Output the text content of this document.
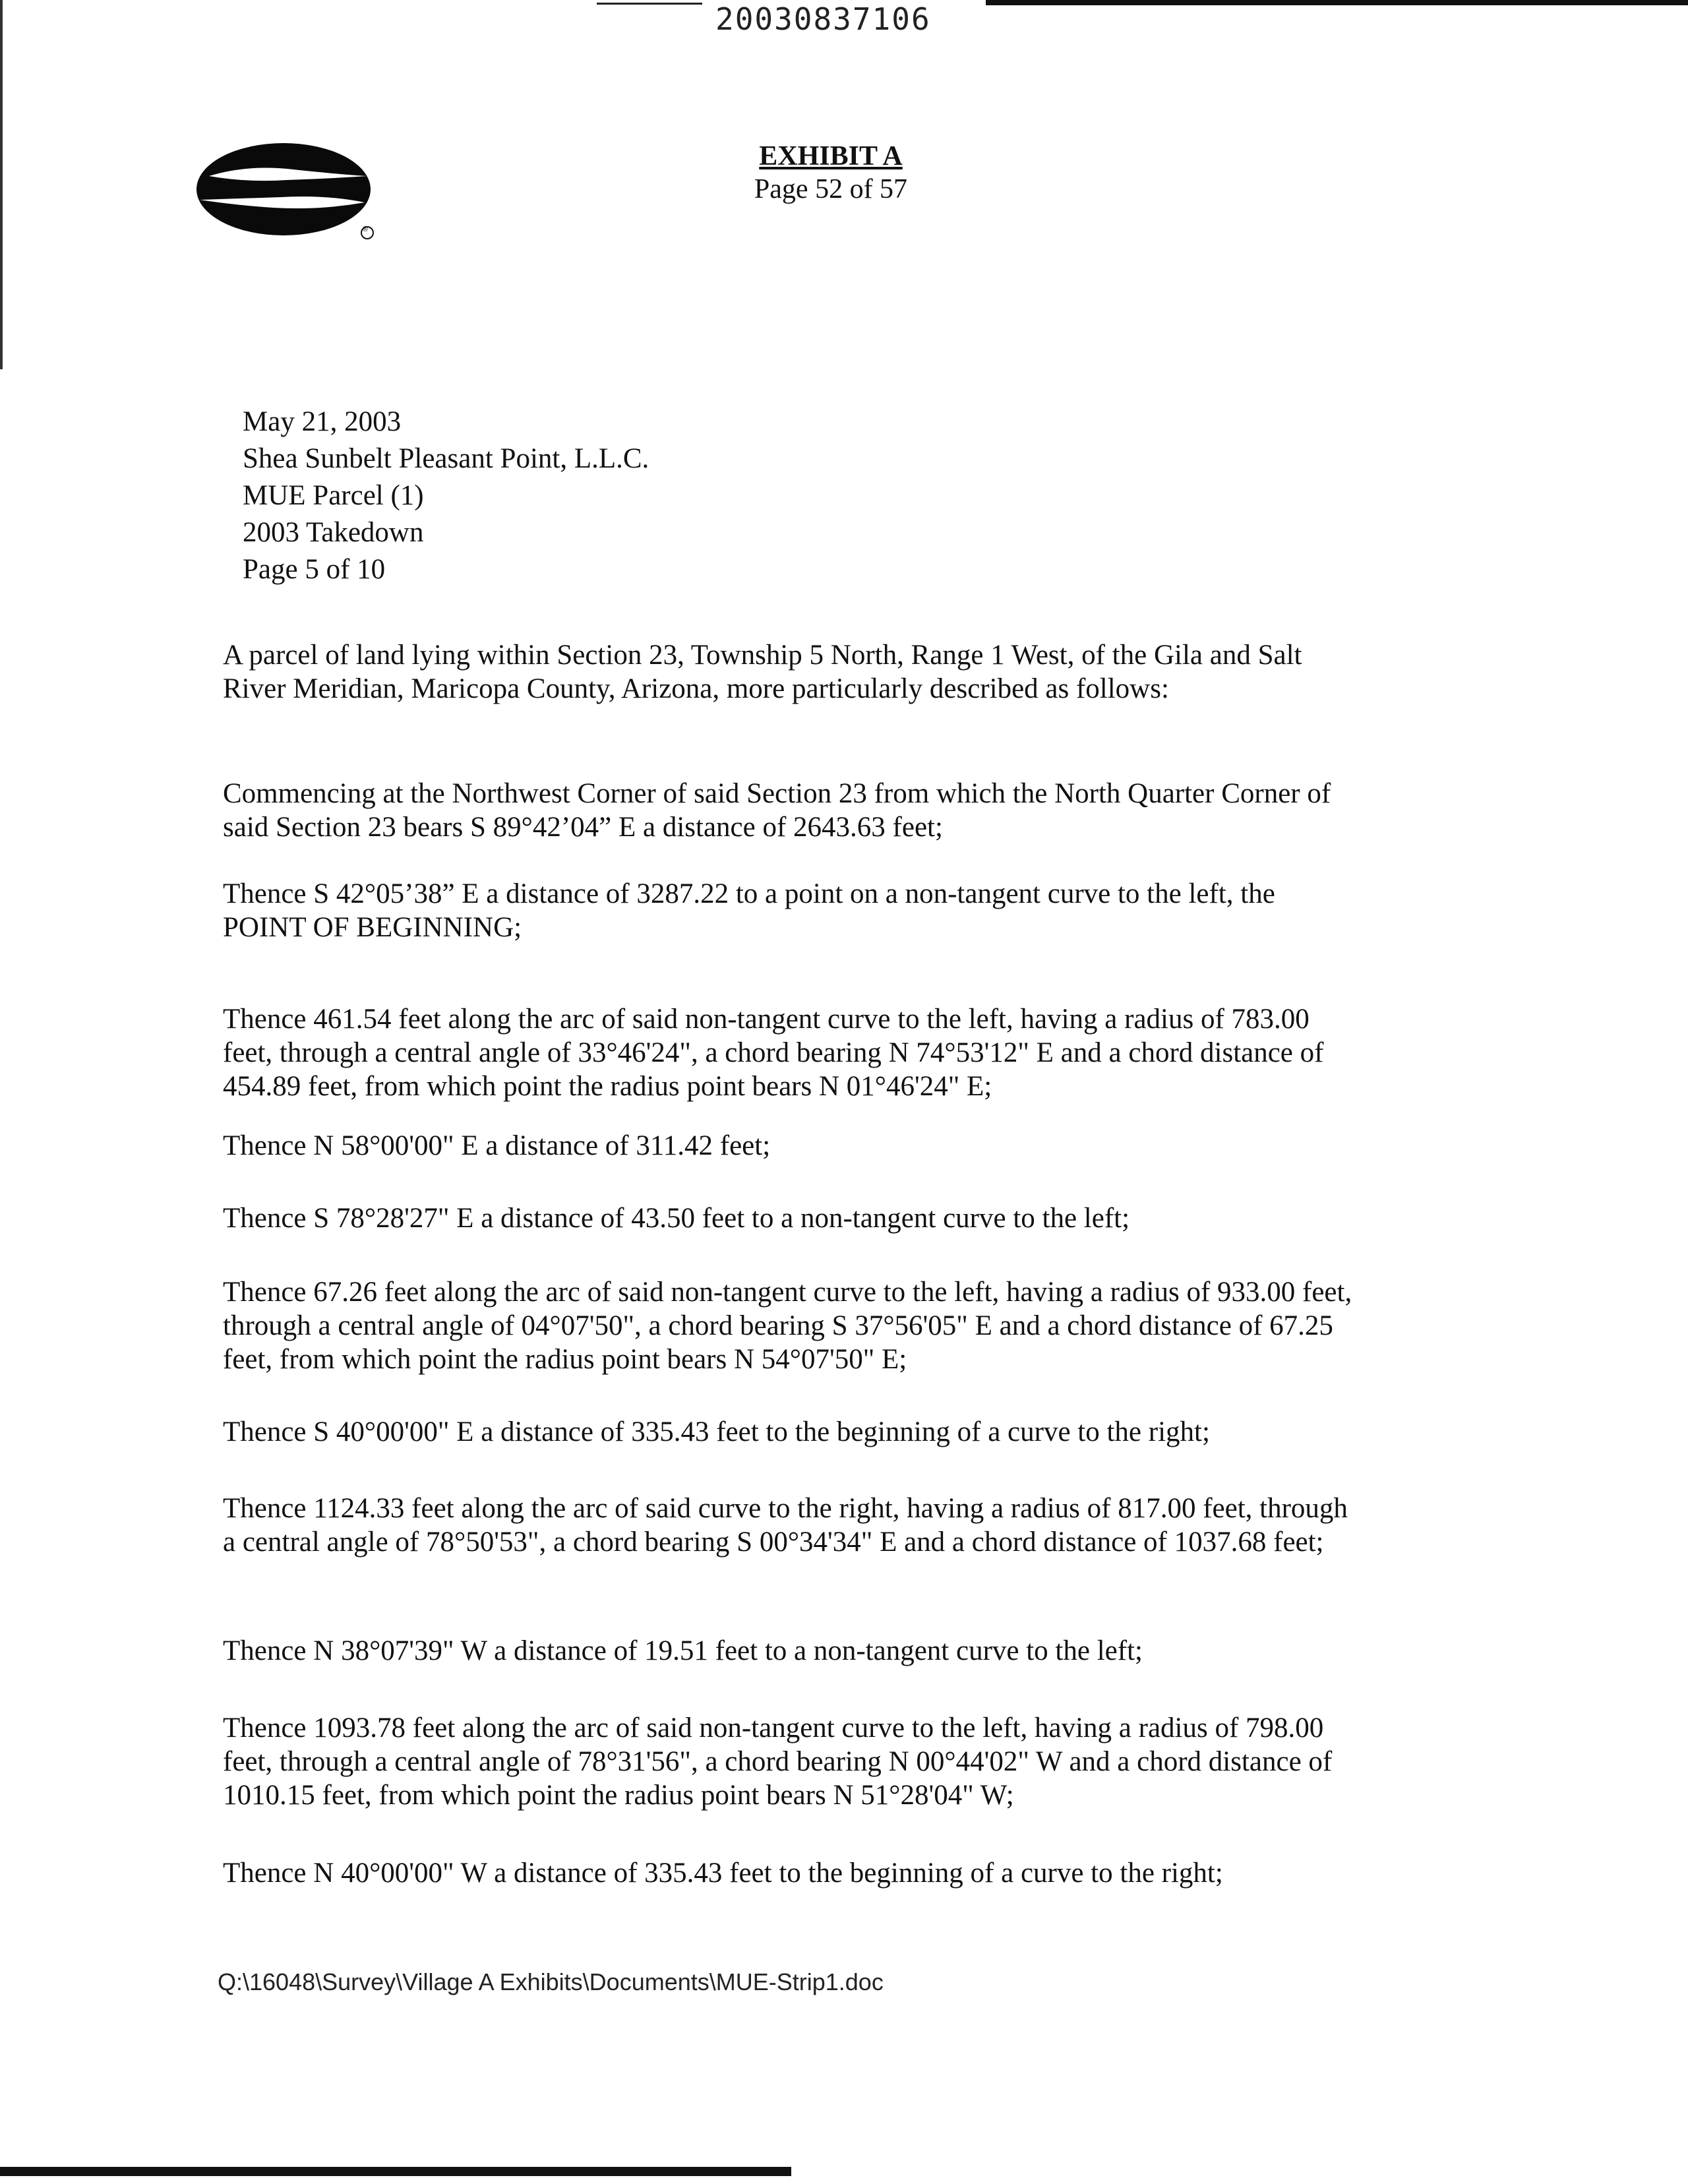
20030837106
®
EXHIBIT A
Page 52 of 57
May 21, 2003
Shea Sunbelt Pleasant Point, L.L.C.
MUE Parcel (1)
2003 Takedown
Page 5 of 10

A parcel of land lying within Section 23, Township 5 North, Range 1 West, of the Gila and Salt River Meridian, Maricopa County, Arizona, more particularly described as follows:

Commencing at the Northwest Corner of said Section 23 from which the North Quarter Corner of said Section 23 bears S 89°42’04” E a distance of 2643.63 feet;

Thence S 42°05’38” E a distance of 3287.22 to a point on a non-tangent curve to the left, the POINT OF BEGINNING;

Thence 461.54 feet along the arc of said non-tangent curve to the left, having a radius of 783.00 feet, through a central angle of 33°46'24", a chord bearing N 74°53'12" E and a chord distance of 454.89 feet, from which point the radius point bears N 01°46'24" E;

Thence N 58°00'00" E a distance of 311.42 feet;

Thence S 78°28'27" E a distance of 43.50 feet to a non-tangent curve to the left;

Thence 67.26 feet along the arc of said non-tangent curve to the left, having a radius of 933.00 feet, through a central angle of 04°07'50", a chord bearing S 37°56'05" E and a chord distance of 67.25 feet, from which point the radius point bears N 54°07'50" E;

Thence S 40°00'00" E a distance of 335.43 feet to the beginning of a curve to the right;

Thence 1124.33 feet along the arc of said curve to the right, having a radius of 817.00 feet, through a central angle of 78°50'53", a chord bearing S 00°34'34" E and a chord distance of 1037.68 feet;

Thence N 38°07'39" W a distance of 19.51 feet to a non-tangent curve to the left;

Thence 1093.78 feet along the arc of said non-tangent curve to the left, having a radius of 798.00 feet, through a central angle of 78°31'56", a chord bearing N 00°44'02" W and a chord distance of 1010.15 feet, from which point the radius point bears N 51°28'04" W;

Thence N 40°00'00" W a distance of 335.43 feet to the beginning of a curve to the right;

Q:\16048\Survey\Village A Exhibits\Documents\MUE-Strip1.doc
